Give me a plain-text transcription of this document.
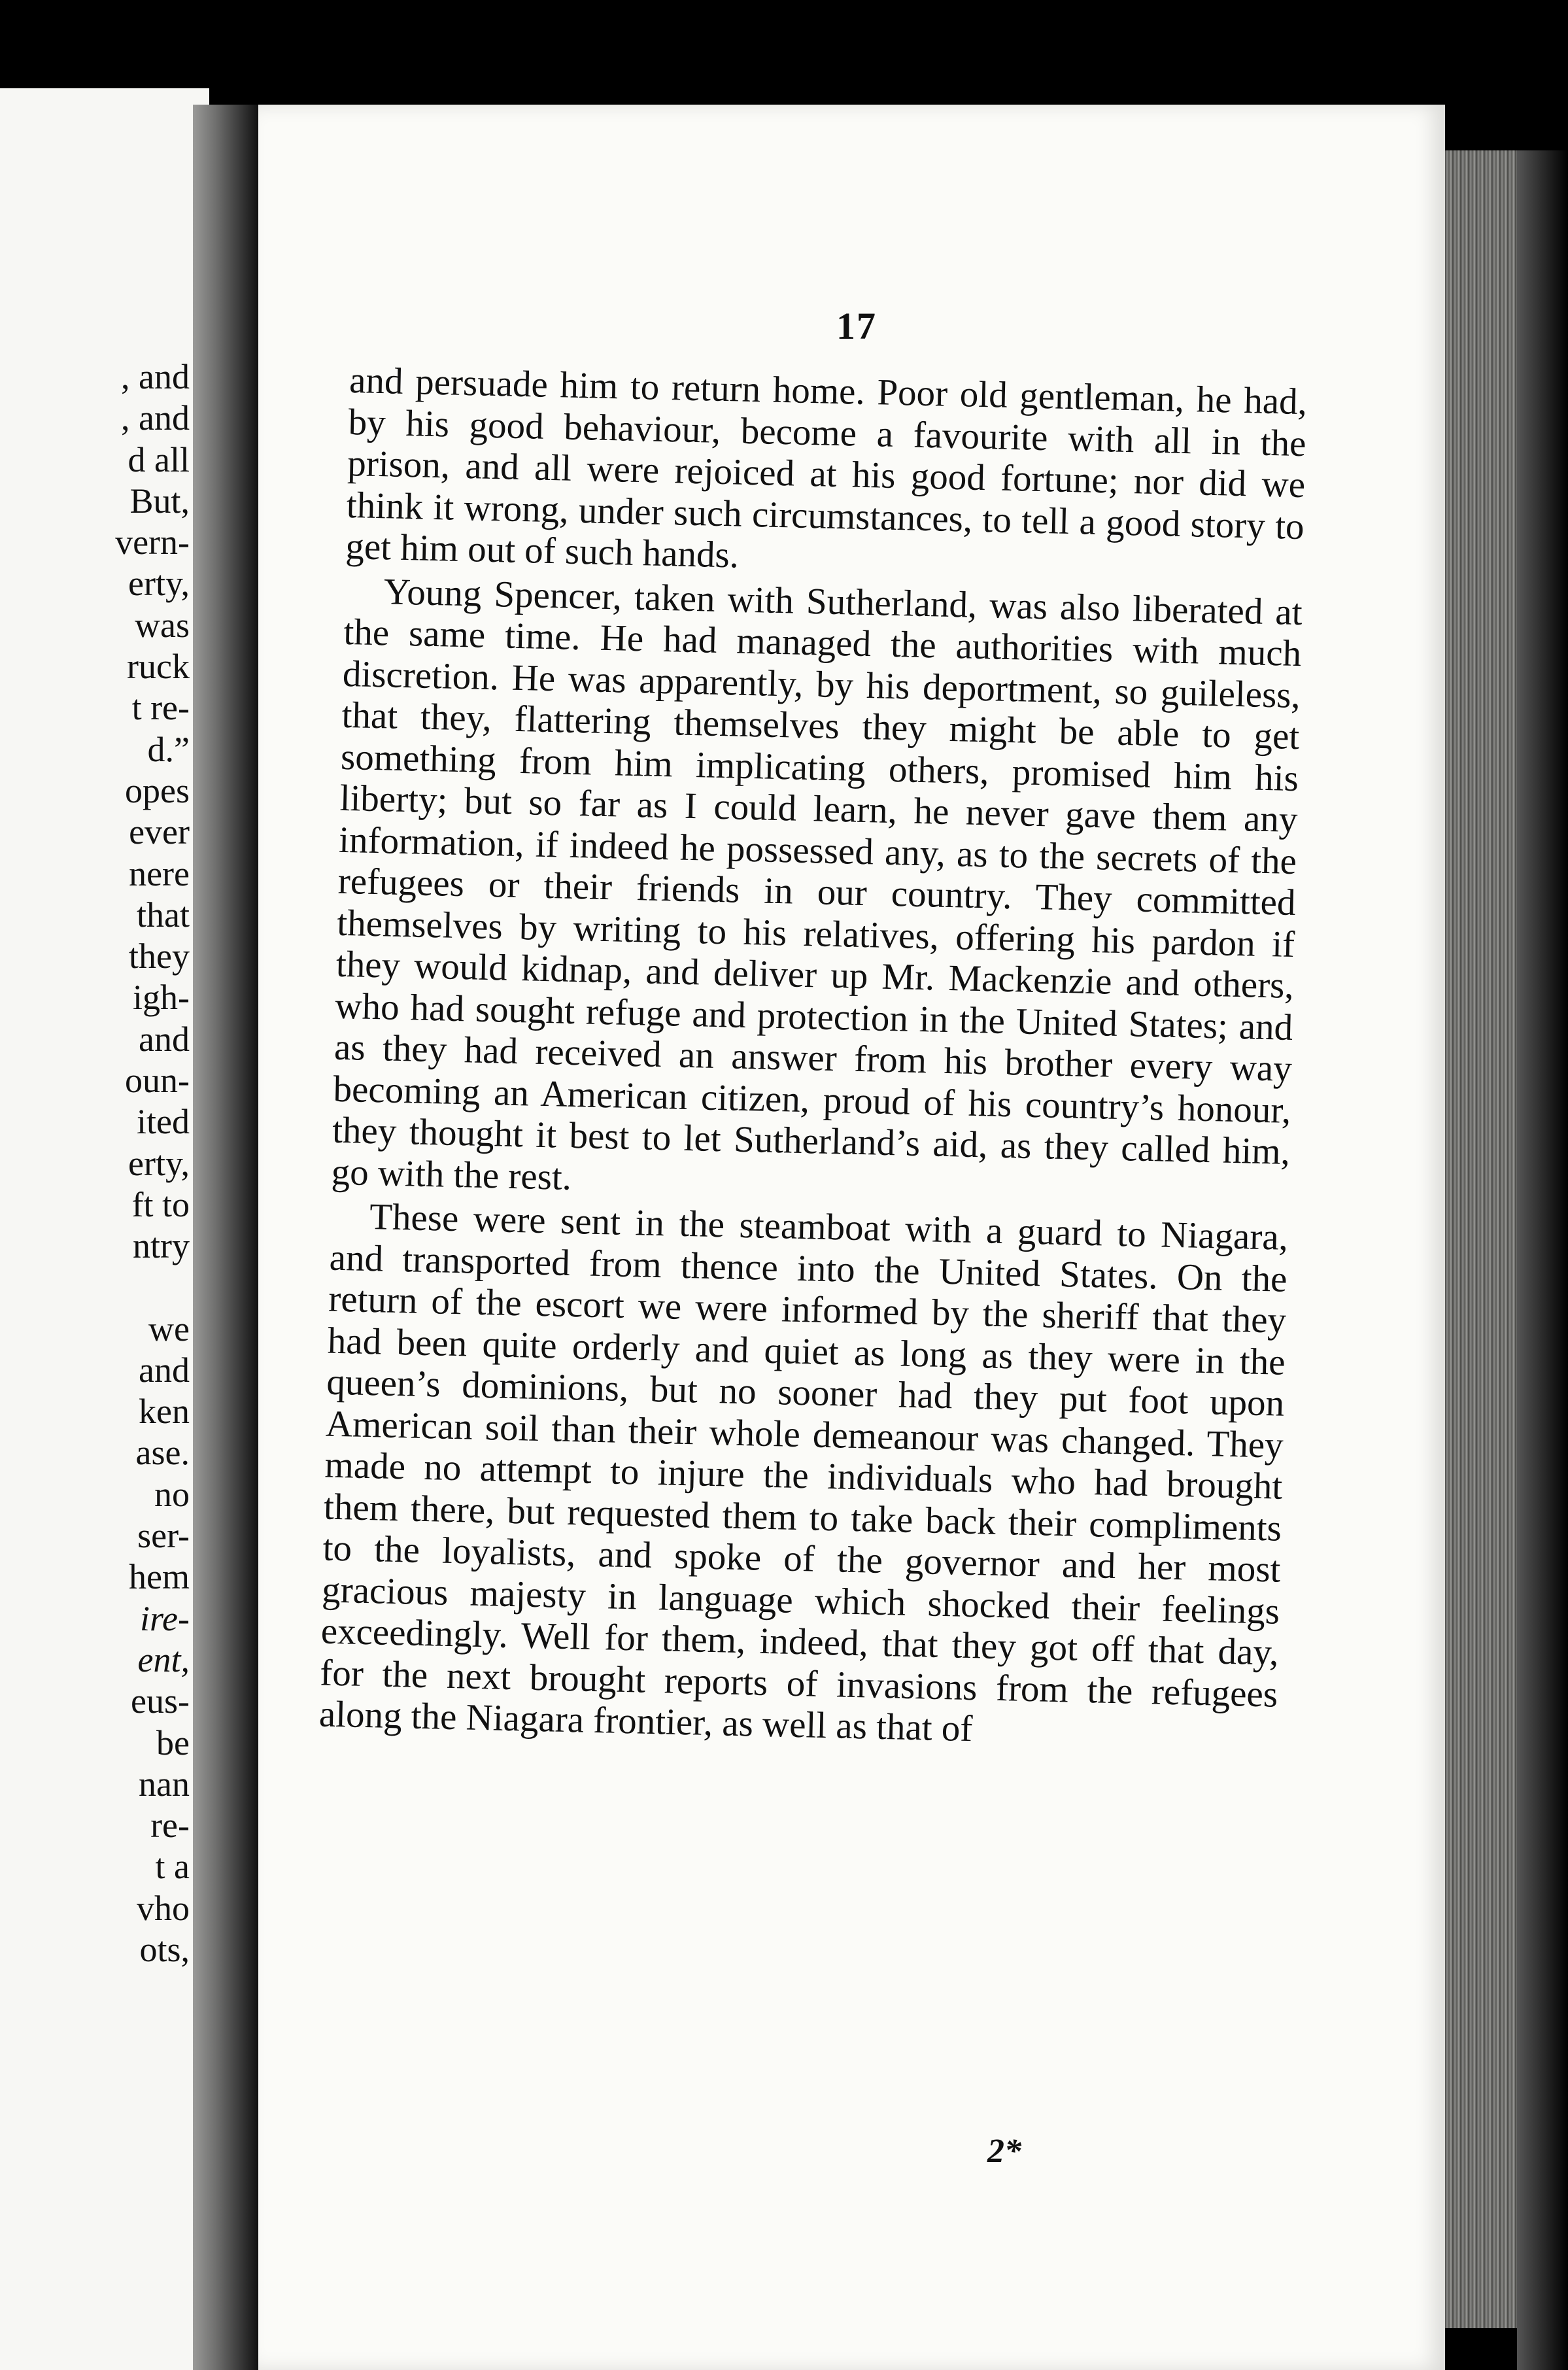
, and
, and
d all
But,
vern-
erty,
was
ruck
t re-
d.”
opes
ever
nere
that
they
igh-
and
oun-
ited
erty,
ft to
ntry
we
and
ken
ase.
no
ser-
hem
ire-
ent,
eus-
be
nan
re-
t a
vho
ots,
17

and persuade him to return home. Poor old gentleman, he had, by his good behaviour, become a favourite with all in the prison, and all were rejoiced at his good fortune; nor did we think it wrong, under such circumstances, to tell a good story to get him out of such hands.

Young Spencer, taken with Sutherland, was also liberated at the same time. He had managed the authorities with much discretion. He was apparently, by his deportment, so guileless, that they, flattering themselves they might be able to get something from him implicating others, promised him his liberty; but so far as I could learn, he never gave them any information, if indeed he possessed any, as to the secrets of the refugees or their friends in our country. They committed themselves by writing to his relatives, offering his pardon if they would kidnap, and deliver up Mr. Mackenzie and others, who had sought refuge and protection in the United States; and as they had received an answer from his brother every way becoming an American citizen, proud of his country’s honour, they thought it best to let Sutherland’s aid, as they called him, go with the rest.

These were sent in the steamboat with a guard to Niagara, and transported from thence into the United States. On the return of the escort we were informed by the sheriff that they had been quite orderly and quiet as long as they were in the queen’s dominions, but no sooner had they put foot upon American soil than their whole demeanour was changed. They made no attempt to injure the individuals who had brought them there, but requested them to take back their compliments to the loyalists, and spoke of the governor and her most gracious majesty in language which shocked their feelings exceedingly. Well for them, indeed, that they got off that day, for the next brought reports of invasions from the refugees along the Niagara frontier, as well as that of

2*
